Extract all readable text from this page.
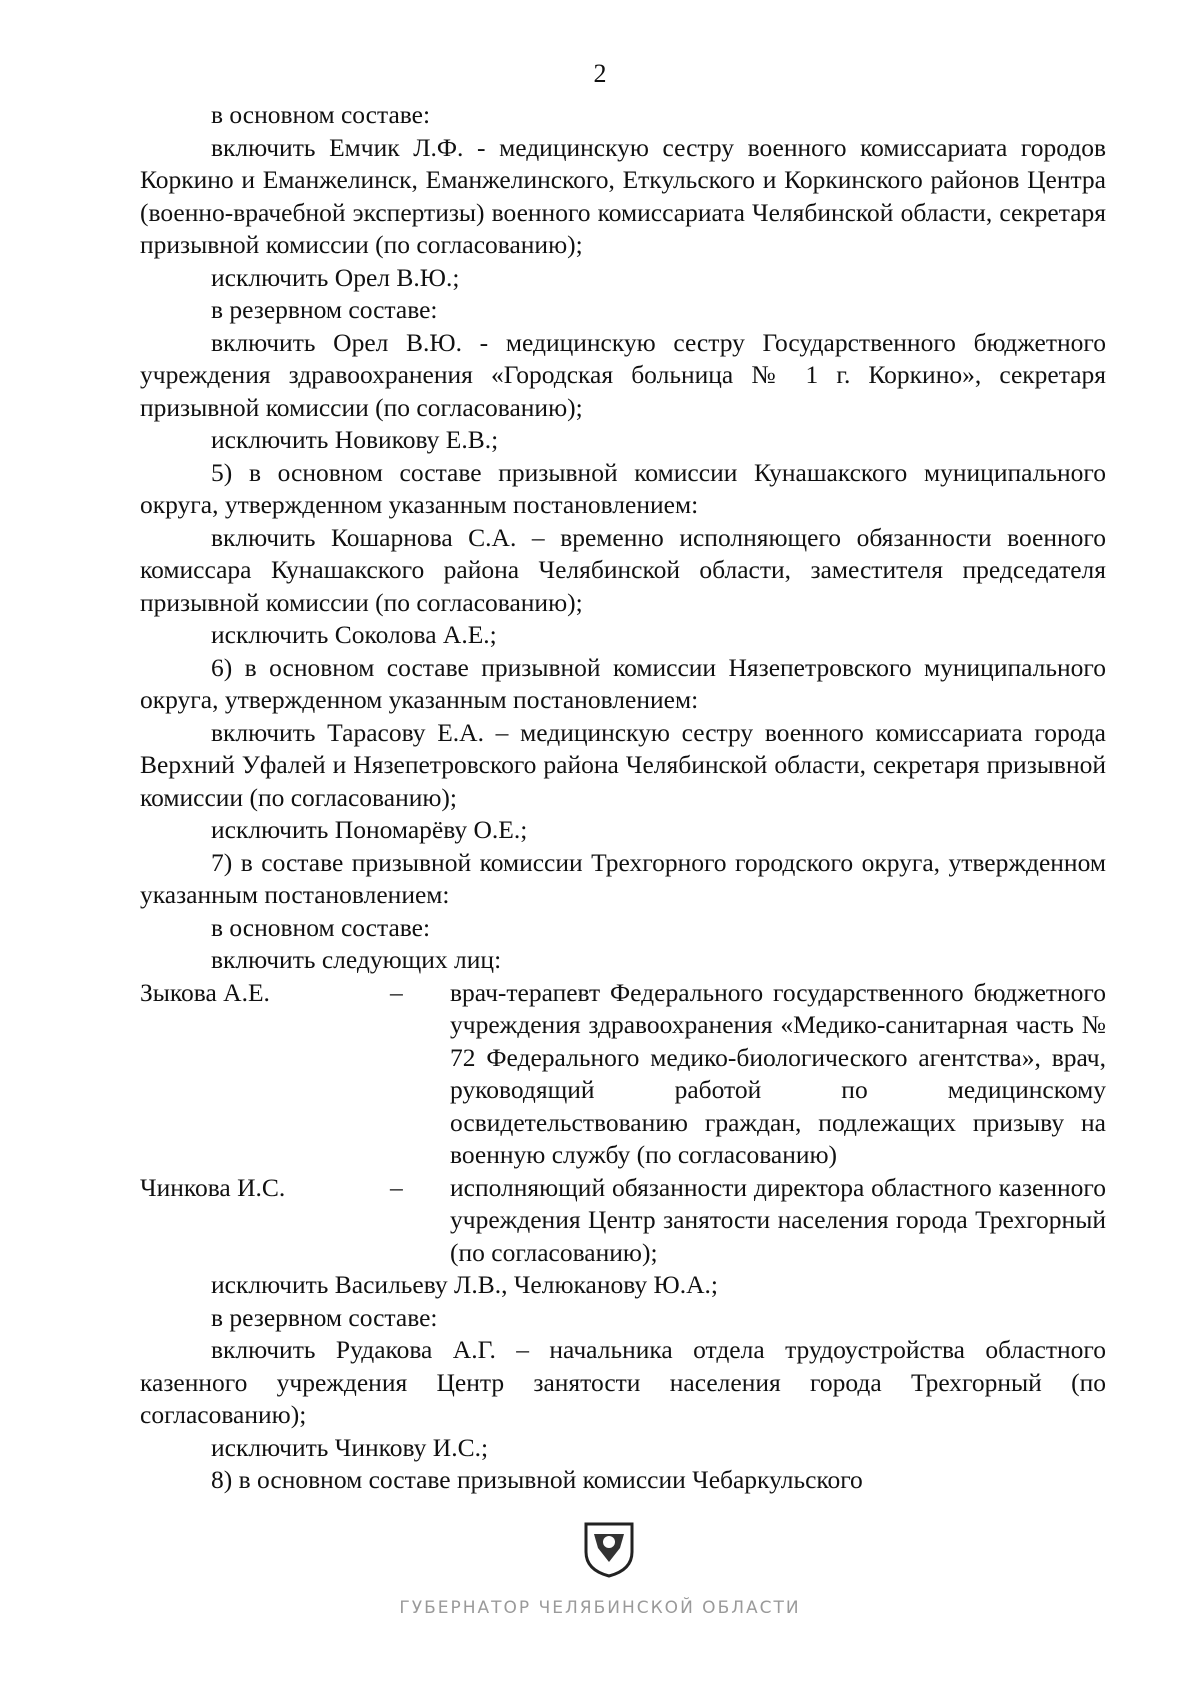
2

в основном составе:

включить Емчик Л.Ф. - медицинскую сестру военного комиссариата городов Коркино и Еманжелинск, Еманжелинского, Еткульского и Коркинского районов Центра (военно-врачебной экспертизы) военного комиссариата Челябинской области, секретаря призывной комиссии (по согласованию);

исключить Орел В.Ю.;

в резервном составе:

включить Орел В.Ю. - медицинскую сестру Государственного бюджетного учреждения здравоохранения «Городская больница № 1 г. Коркино», секретаря призывной комиссии (по согласованию);

исключить Новикову Е.В.;

5) в основном составе призывной комиссии Кунашакского муниципального округа, утвержденном указанным постановлением:

включить Кошарнова С.А. – временно исполняющего обязанности военного комиссара Кунашакского района Челябинской области, заместителя председателя призывной комиссии (по согласованию);

исключить Соколова А.Е.;

6) в основном составе призывной комиссии Нязепетровского муниципального округа, утвержденном указанным постановлением:

включить Тарасову Е.А. – медицинскую сестру военного комиссариата города Верхний Уфалей и Нязепетровского района Челябинской области, секретаря призывной комиссии (по согласованию);

исключить Пономарёву О.Е.;

7) в составе призывной комиссии Трехгорного городского округа, утвержденном указанным постановлением:

в основном составе:

включить следующих лиц:

Зыкова А.Е.	–	врач-терапевт Федерального государственного бюджетного учреждения здравоохранения «Медико-санитарная часть № 72 Федерального медико-биологического агентства», врач, руководящий работой по медицинскому освидетельствованию граждан, подлежащих призыву на военную службу (по согласованию)
Чинкова И.С.	–	исполняющий обязанности директора областного казенного учреждения Центр занятости населения города Трехгорный (по согласованию);

исключить Васильеву Л.В., Челюканову Ю.А.;

в резервном составе:

включить Рудакова А.Г. – начальника отдела трудоустройства областного казенного учреждения Центр занятости населения города Трехгорный (по согласованию);

исключить Чинкову И.С.;

8) в основном составе призывной комиссии Чебаркульского

ГУБЕРНАТОР ЧЕЛЯБИНСКОЙ ОБЛАСТИ
